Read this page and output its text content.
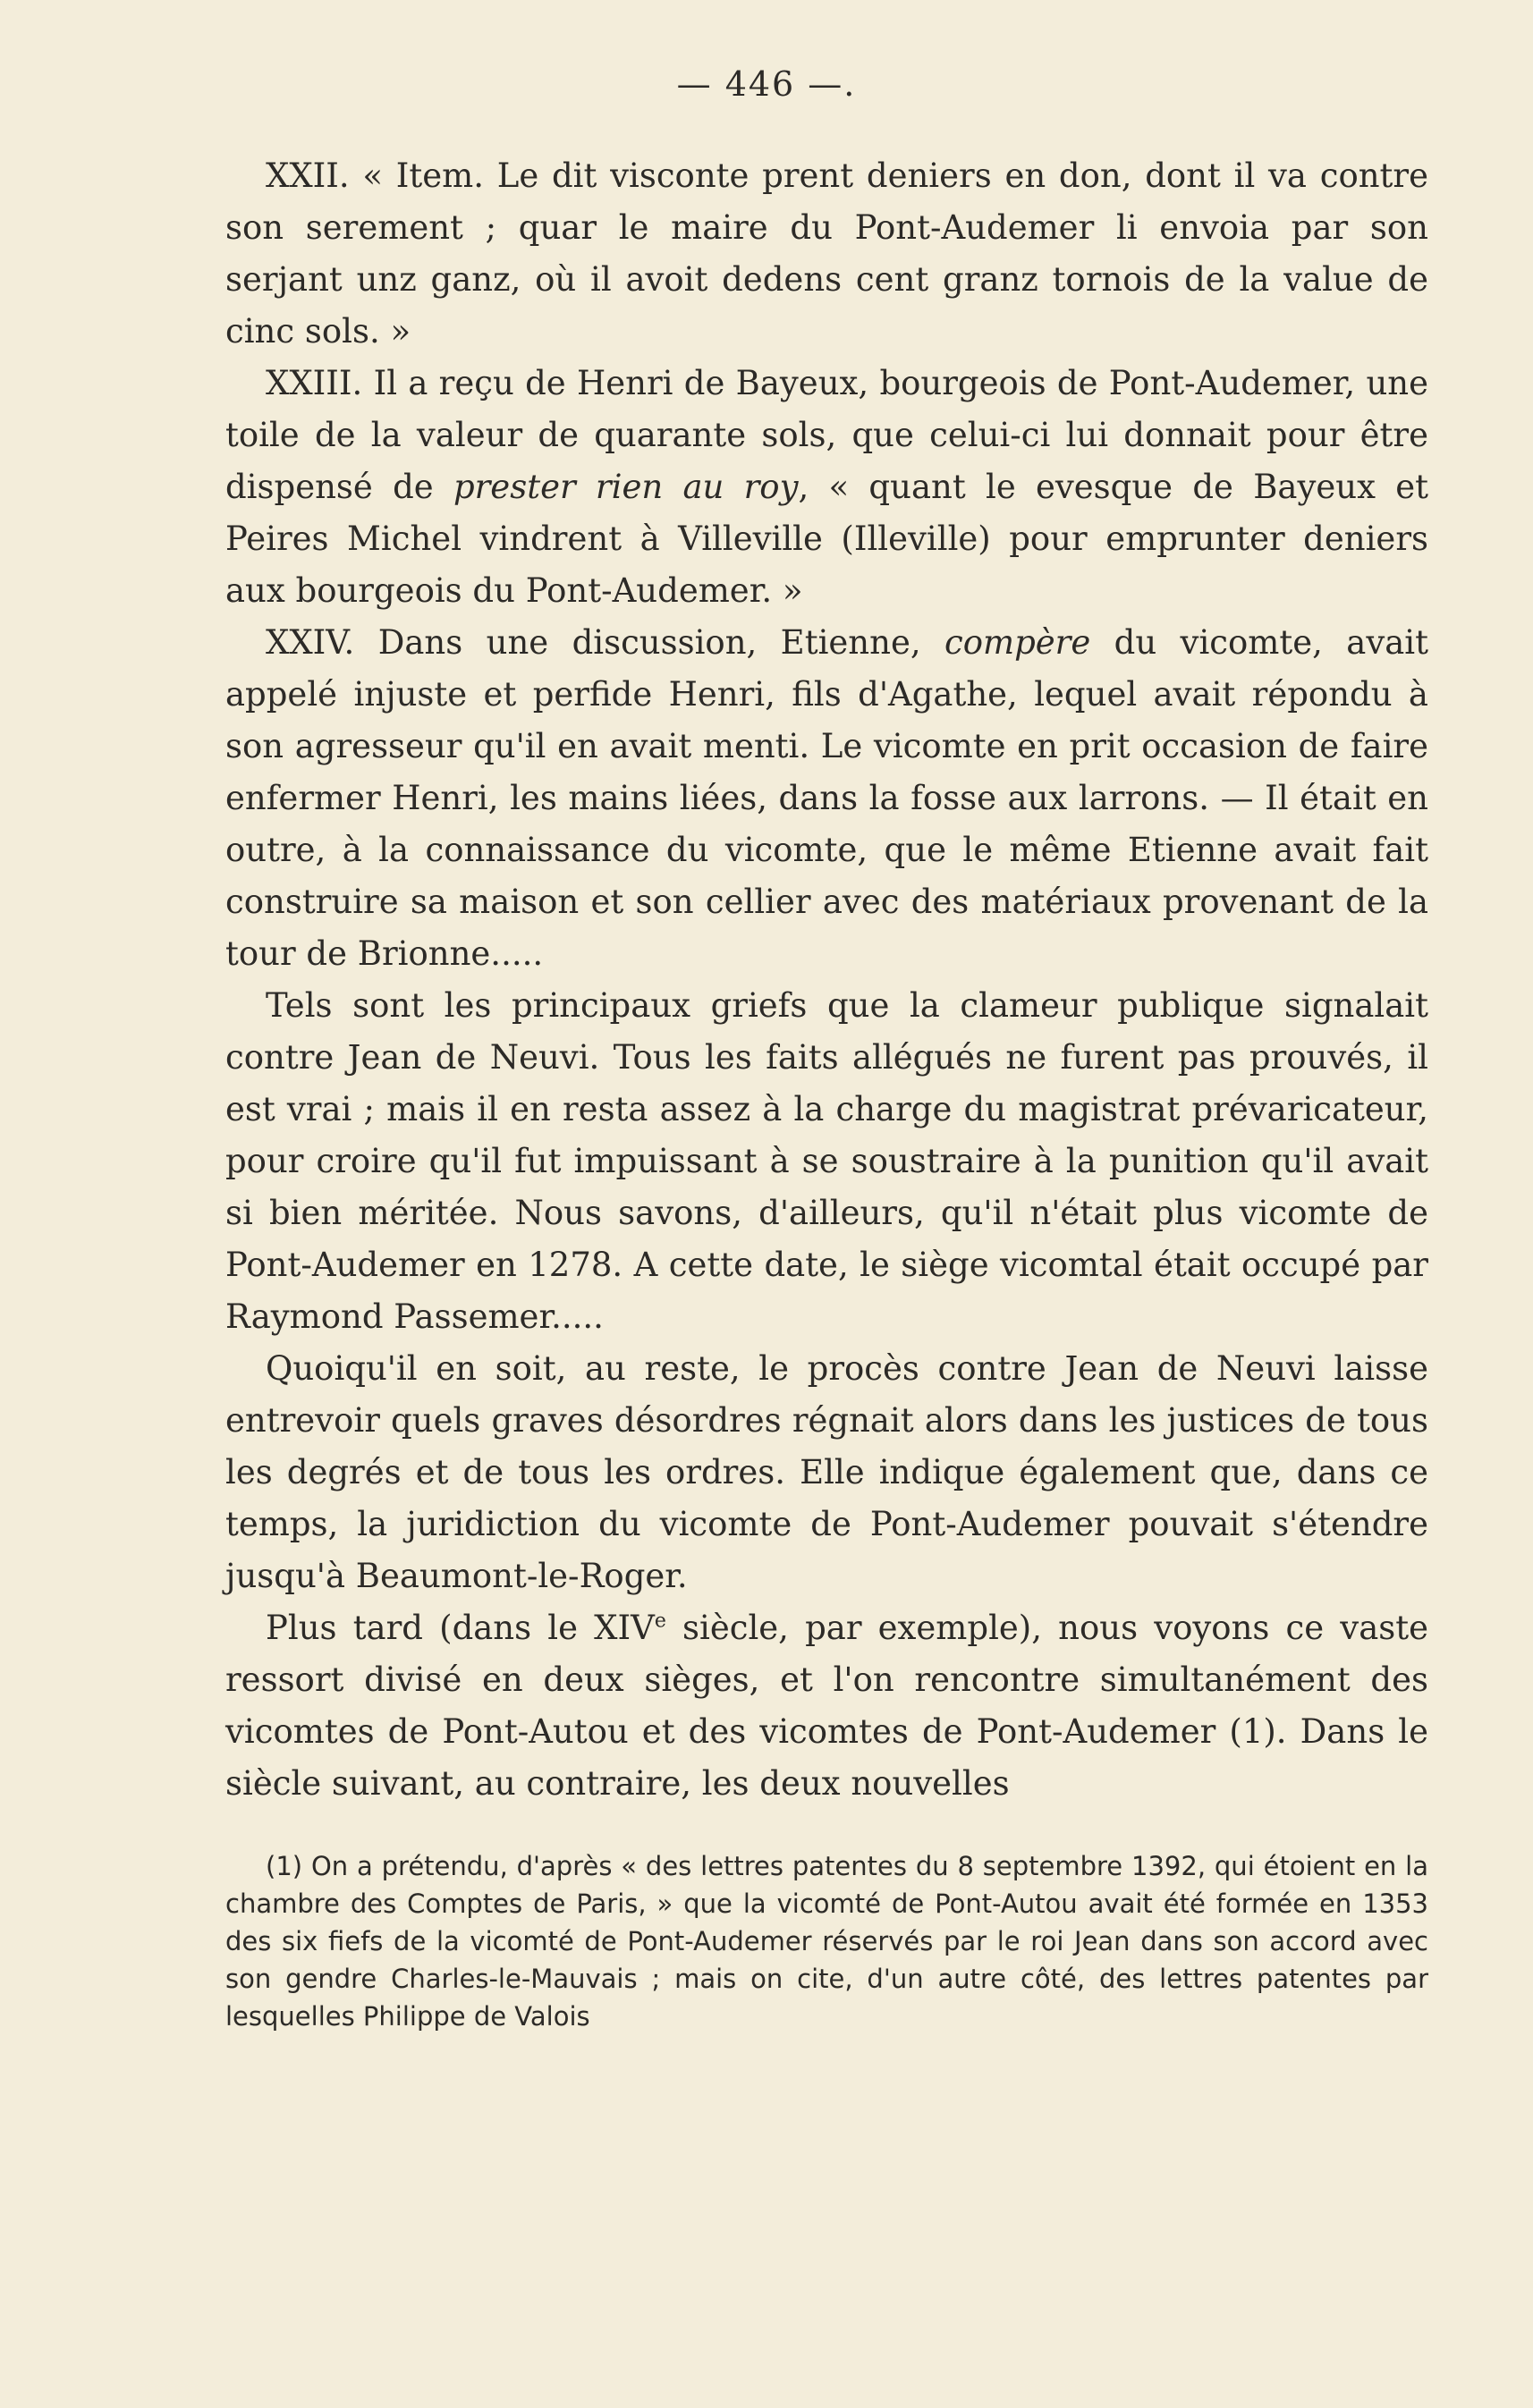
— 446 —.

XXII. « Item. Le dit visconte prent deniers en don, dont il va contre son serement ; quar le maire du Pont-Audemer li envoia par son serjant unz ganz, où il avoit dedens cent granz tornois de la value de cinc sols. »

XXIII. Il a reçu de Henri de Bayeux, bourgeois de Pont-Audemer, une toile de la valeur de quarante sols, que celui-ci lui donnait pour être dispensé de prester rien au roy, « quant le evesque de Bayeux et Peires Michel vindrent à Villeville (Illeville) pour emprunter deniers aux bourgeois du Pont-Audemer. »

XXIV. Dans une discussion, Etienne, compère du vicomte, avait appelé injuste et perfide Henri, fils d'Agathe, lequel avait répondu à son agresseur qu'il en avait menti. Le vicomte en prit occasion de faire enfermer Henri, les mains liées, dans la fosse aux larrons. — Il était en outre, à la connaissance du vicomte, que le même Etienne avait fait construire sa maison et son cellier avec des matériaux provenant de la tour de Brionne.....

Tels sont les principaux griefs que la clameur publique signalait contre Jean de Neuvi. Tous les faits allégués ne furent pas prouvés, il est vrai ; mais il en resta assez à la charge du magistrat prévaricateur, pour croire qu'il fut impuissant à se soustraire à la punition qu'il avait si bien méritée. Nous savons, d'ailleurs, qu'il n'était plus vicomte de Pont-Audemer en 1278. A cette date, le siège vicomtal était occupé par Raymond Passemer.....

Quoiqu'il en soit, au reste, le procès contre Jean de Neuvi laisse entrevoir quels graves désordres régnait alors dans les justices de tous les degrés et de tous les ordres. Elle indique également que, dans ce temps, la juridiction du vicomte de Pont-Audemer pouvait s'étendre jusqu'à Beaumont-le-Roger.

Plus tard (dans le XIVe siècle, par exemple), nous voyons ce vaste ressort divisé en deux sièges, et l'on rencontre simultanément des vicomtes de Pont-Autou et des vicomtes de Pont-Audemer (1). Dans le siècle suivant, au contraire, les deux nouvelles

(1) On a prétendu, d'après « des lettres patentes du 8 septembre 1392, qui étoient en la chambre des Comptes de Paris, » que la vicomté de Pont-Autou avait été formée en 1353 des six fiefs de la vicomté de Pont-Audemer réservés par le roi Jean dans son accord avec son gendre Charles-le-Mauvais ; mais on cite, d'un autre côté, des lettres patentes par lesquelles Philippe de Valois
